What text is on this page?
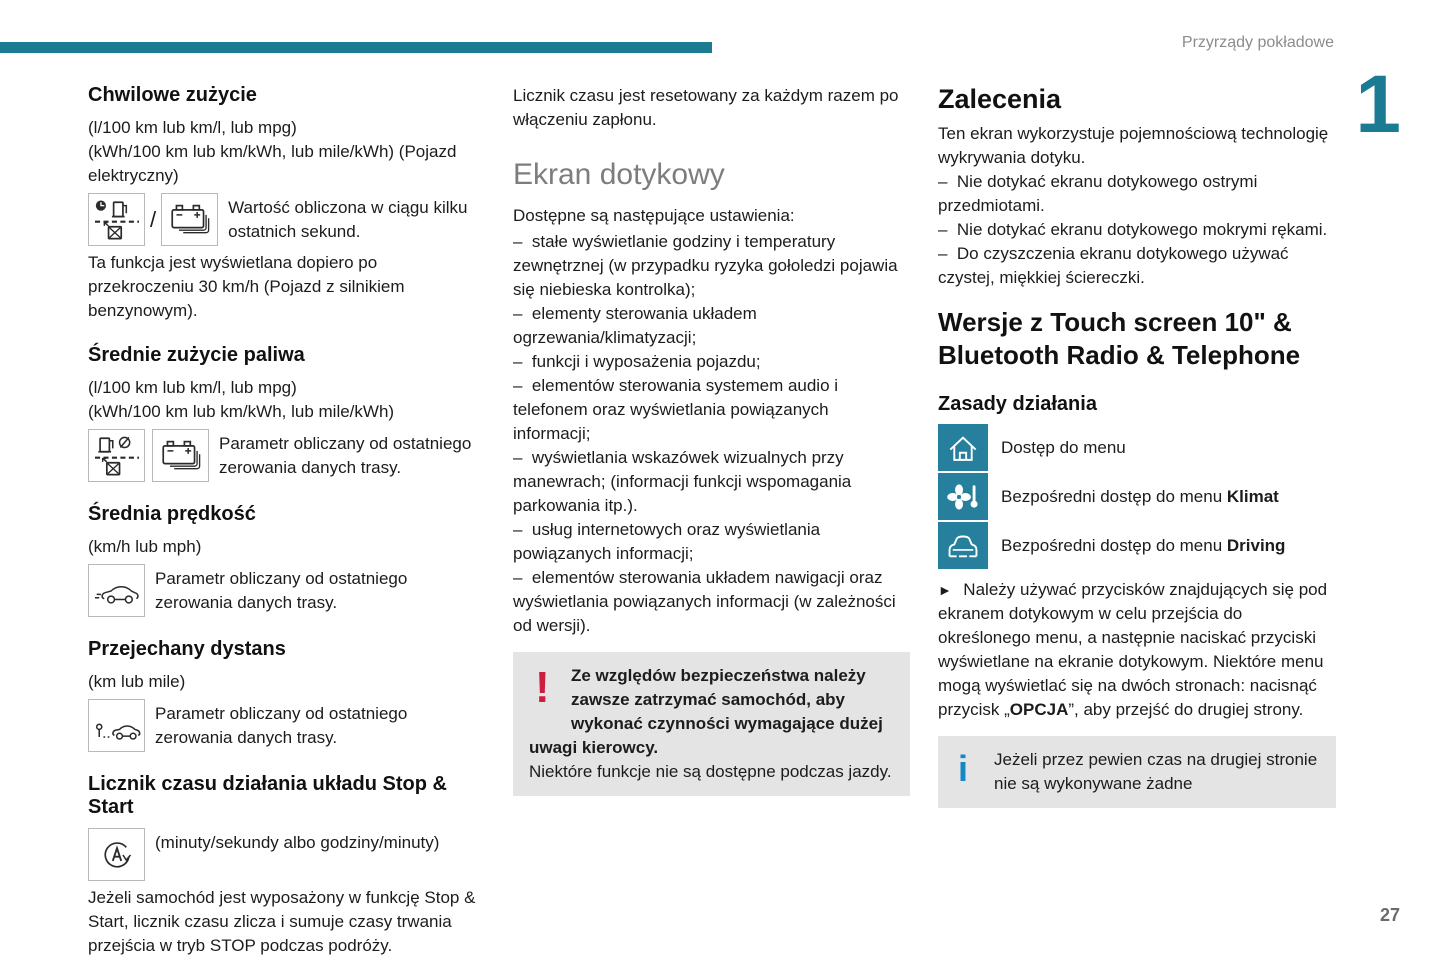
Przyrządy pokładowe
1
27
Chwilowe zużycie

(l/100 km lub km/l, lub mpg)

(kWh/100 km lub km/kWh, lub mile/kWh) (Pojazd elektryczny)

/	Wartość obliczona w ciągu kilku ostatnich sekund.

Ta funkcja jest wyświetlana dopiero po przekroczeniu 30 km/h (Pojazd z silnikiem benzynowym).

Średnie zużycie paliwa

(l/100 km lub km/l, lub mpg)

(kWh/100 km lub km/kWh, lub mile/kWh)

Parametr obliczany od ostatniego zerowania danych trasy.

Średnia prędkość

(km/h lub mph)

Parametr obliczany od ostatniego zerowania danych trasy.

Przejechany dystans

(km lub mile)

Parametr obliczany od ostatniego zerowania danych trasy.

Licznik czasu działania układu Stop & Start

(minuty/sekundy albo godziny/minuty)

Jeżeli samochód jest wyposażony w funkcję Stop & Start, licznik czasu zlicza i sumuje czasy trwania przejścia w tryb STOP podczas podróży.

Licznik czasu jest resetowany za każdym razem po włączeniu zapłonu.

Ekran dotykowy

Dostępne są następujące ustawienia:

–  stałe wyświetlanie godziny i temperatury zewnętrznej (w przypadku ryzyka gołoledzi pojawia się niebieska kontrolka);

–  elementy sterowania układem ogrzewania/klimatyzacji;

–  funkcji i wyposażenia pojazdu;

–  elementów sterowania systemem audio i telefonem oraz wyświetlania powiązanych informacji;

–  wyświetlania wskazówek wizualnych przy manewrach; (informacji funkcji wspomagania parkowania itp.).

–  usług internetowych oraz wyświetlania powiązanych informacji;

–  elementów sterowania układem nawigacji oraz wyświetlania powiązanych informacji (w zależności od wersji).

!	Ze względów bezpieczeństwa należy zawsze zatrzymać samochód, aby wykonać czynności wymagające dużej uwagi kierowcy.

Niektóre funkcje nie są dostępne podczas jazdy.

Zalecenia

Ten ekran wykorzystuje pojemnościową technologię wykrywania dotyku.

–  Nie dotykać ekranu dotykowego ostrymi przedmiotami.

–  Nie dotykać ekranu dotykowego mokrymi rękami.

–  Do czyszczenia ekranu dotykowego używać czystej, miękkiej ściereczki.

Wersje z Touch screen 10" & Bluetooth Radio & Telephone
Zasady działania

Dostęp do menu

Bezpośredni dostęp do menu Klimat

Bezpośredni dostęp do menu Driving

►  Należy używać przycisków znajdujących się pod ekranem dotykowym w celu przejścia do określonego menu, a następnie naciskać przyciski wyświetlane na ekranie dotykowym. Niektóre menu mogą wyświetlać się na dwóch stronach: nacisnąć przycisk „OPCJA”, aby przejść do drugiej strony.

i	Jeżeli przez pewien czas na drugiej stronie nie są wykonywane żadne
